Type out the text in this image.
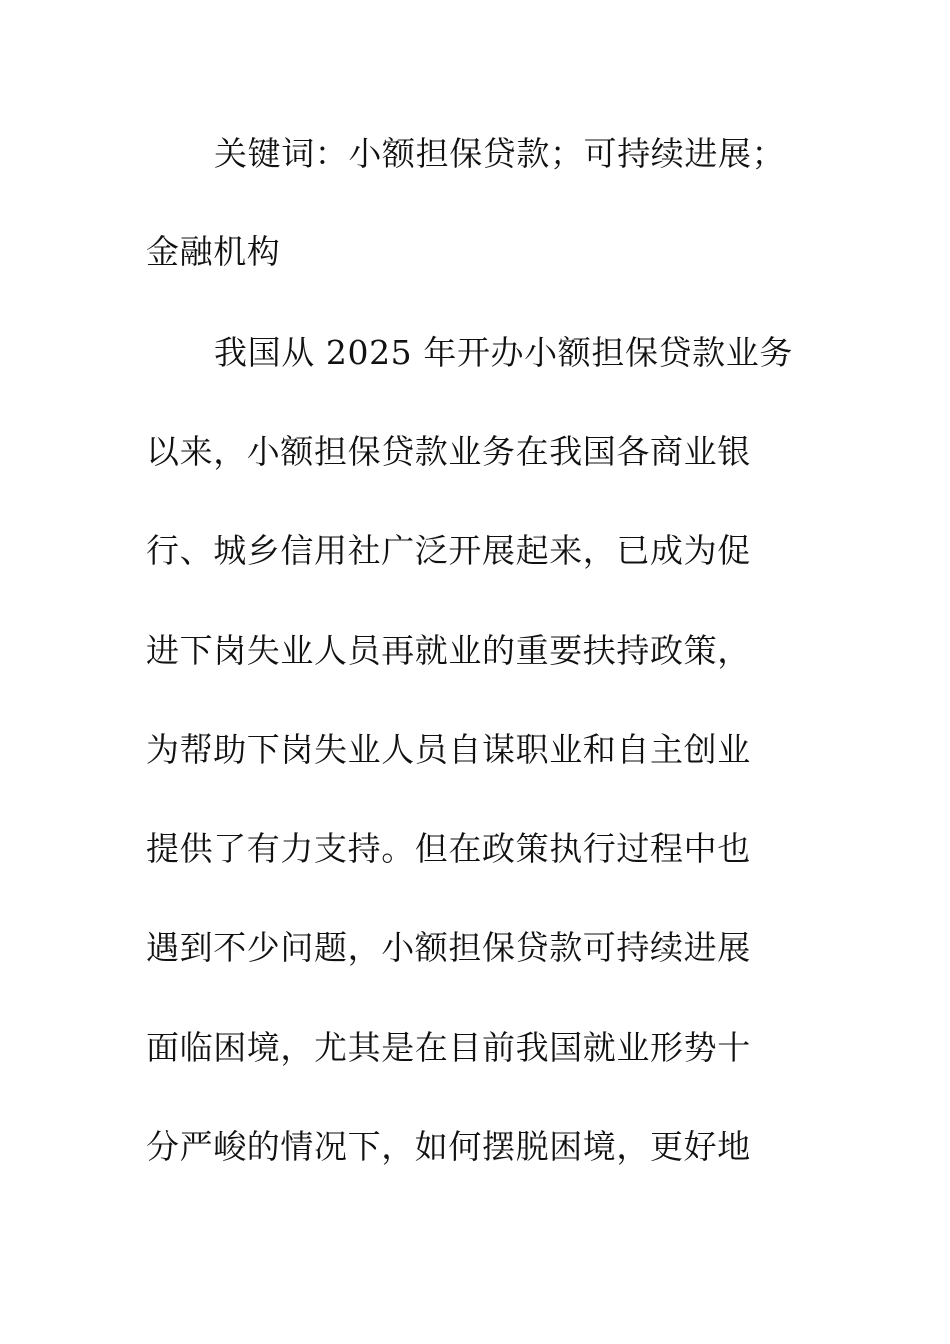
关键词：小额担保贷款；可持续进展；
金融机构
我国从 2025 年开办小额担保贷款业务
以来，小额担保贷款业务在我国各商业银
行、城乡信用社广泛开展起来，已成为促
进下岗失业人员再就业的重要扶持政策，
为帮助下岗失业人员自谋职业和自主创业
提供了有力支持。但在政策执行过程中也
遇到不少问题，小额担保贷款可持续进展
面临困境，尤其是在目前我国就业形势十
分严峻的情况下，如何摆脱困境，更好地
